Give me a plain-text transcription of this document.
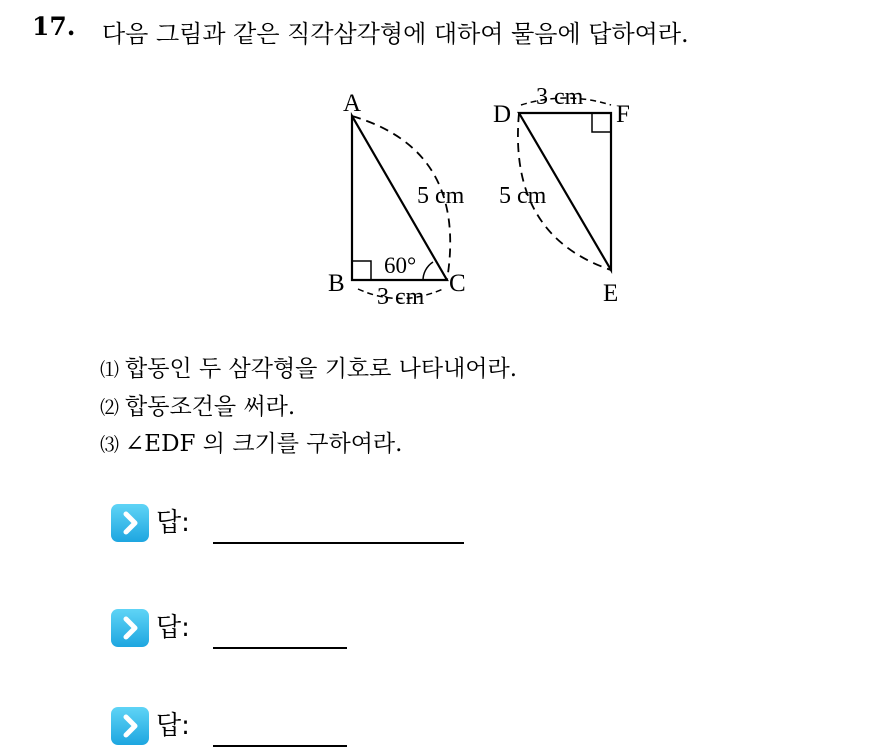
17. 다음 그림과 같은 직각삼각형에 대하여 물음에 답하여라.
A
B	C
5 cm
3 cm
60°
D	F
E
3 cm
5 cm
⑴ 합동인 두 삼각형을 기호로 나타내어라.
⑵ 합동조건을 써라.
⑶ ∠EDF 의 크기를 구하여라.
답:
답:
답:
